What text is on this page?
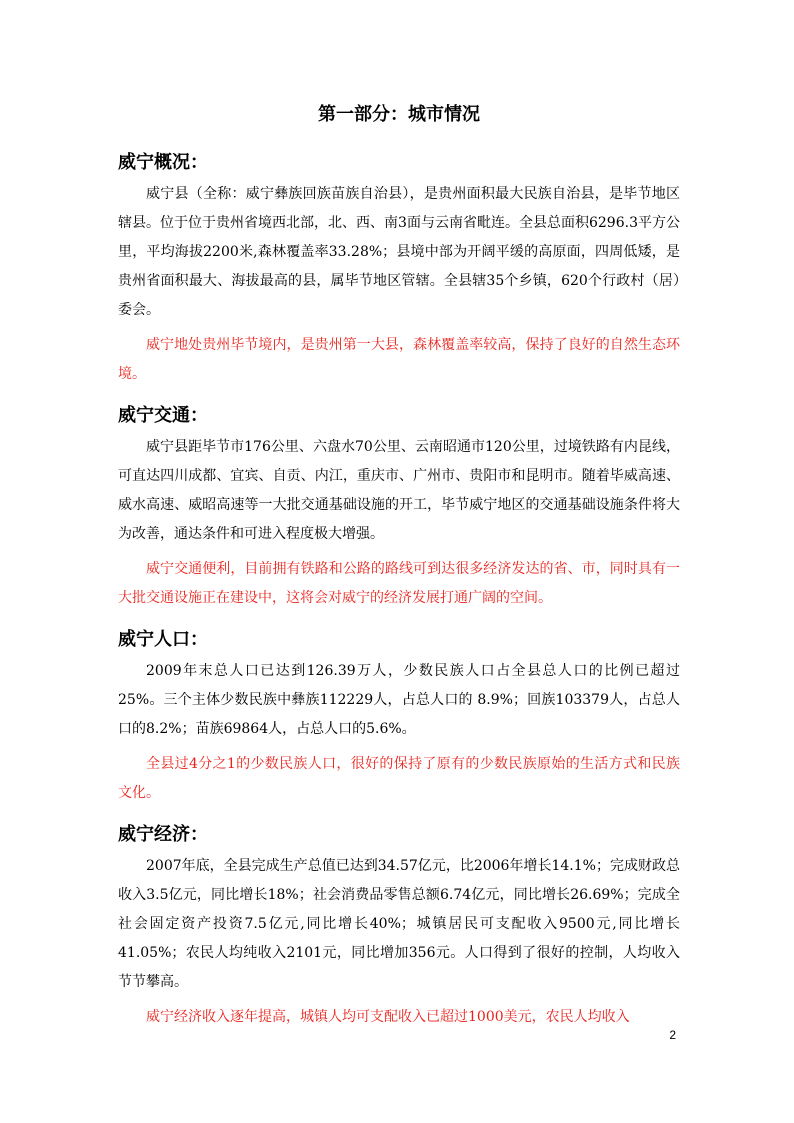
第一部分：城市情况
威宁概况：

威宁县（全称：威宁彝族回族苗族自治县），是贵州面积最大民族自治县，是毕节地区辖县。位于位于贵州省境西北部，北、西、南3面与云南省毗连。全县总面积6296.3平方公里，平均海拔2200米,森林覆盖率33.28%；县境中部为开阔平缓的高原面，四周低矮，是贵州省面积最大、海拔最高的县，属毕节地区管辖。全县辖35个乡镇，620个行政村（居）委会。

威宁地处贵州毕节境内，是贵州第一大县，森林覆盖率较高，保持了良好的自然生态环境。

威宁交通：

威宁县距毕节市176公里、六盘水70公里、云南昭通市120公里，过境铁路有内昆线，可直达四川成都、宜宾、自贡、内江，重庆市、广州市、贵阳市和昆明市。随着毕威高速、威水高速、威昭高速等一大批交通基础设施的开工，毕节威宁地区的交通基础设施条件将大为改善，通达条件和可进入程度极大增强。

威宁交通便利，目前拥有铁路和公路的路线可到达很多经济发达的省、市，同时具有一大批交通设施正在建设中，这将会对威宁的经济发展打通广阔的空间。

威宁人口：

2009年末总人口已达到126.39万人，少数民族人口占全县总人口的比例已超过25%。三个主体少数民族中彝族112229人，占总人口的 8.9%；回族103379人，占总人口的8.2%；苗族69864人，占总人口的5.6%。

全县过4分之1的少数民族人口，很好的保持了原有的少数民族原始的生活方式和民族文化。

威宁经济：

2007年底，全县完成生产总值已达到34.57亿元，比2006年增长14.1%；完成财政总收入3.5亿元，同比增长18%；社会消费品零售总额6.74亿元，同比增长26.69%；完成全社会固定资产投资7.5亿元,同比增长40%；城镇居民可支配收入9500元,同比增长41.05%；农民人均纯收入2101元，同比增加356元。人口得到了很好的控制，人均收入节节攀高。

威宁经济收入逐年提高，城镇人均可支配收入已超过1000美元，农民人均收入

2
